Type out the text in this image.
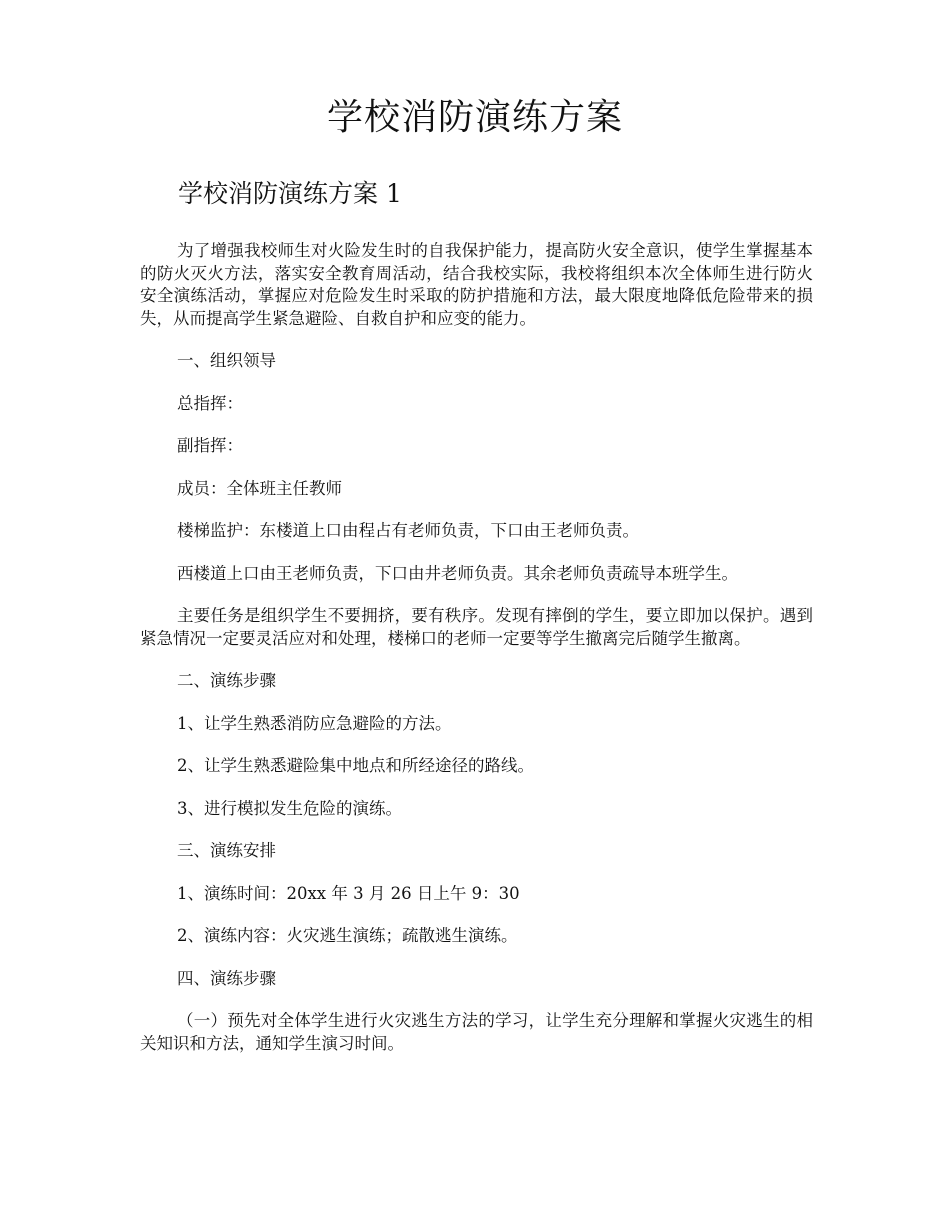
学校消防演练方案
学校消防演练方案 1

为了增强我校师生对火险发生时的自我保护能力，提高防火安全意识，使学生掌握基本的防火灭火方法，落实安全教育周活动，结合我校实际，我校将组织本次全体师生进行防火安全演练活动，掌握应对危险发生时采取的防护措施和方法，最大限度地降低危险带来的损失，从而提高学生紧急避险、自救自护和应变的能力。

一、组织领导

总指挥：

副指挥：

成员：全体班主任教师

楼梯监护：东楼道上口由程占有老师负责，下口由王老师负责。

西楼道上口由王老师负责，下口由井老师负责。其余老师负责疏导本班学生。

主要任务是组织学生不要拥挤，要有秩序。发现有摔倒的学生，要立即加以保护。遇到紧急情况一定要灵活应对和处理，楼梯口的老师一定要等学生撤离完后随学生撤离。

二、演练步骤

1、让学生熟悉消防应急避险的方法。

2、让学生熟悉避险集中地点和所经途径的路线。

3、进行模拟发生危险的演练。

三、演练安排

1、演练时间：20xx 年 3 月 26 日上午 9：30

2、演练内容：火灾逃生演练；疏散逃生演练。

四、演练步骤

（一）预先对全体学生进行火灾逃生方法的学习，让学生充分理解和掌握火灾逃生的相关知识和方法，通知学生演习时间。
